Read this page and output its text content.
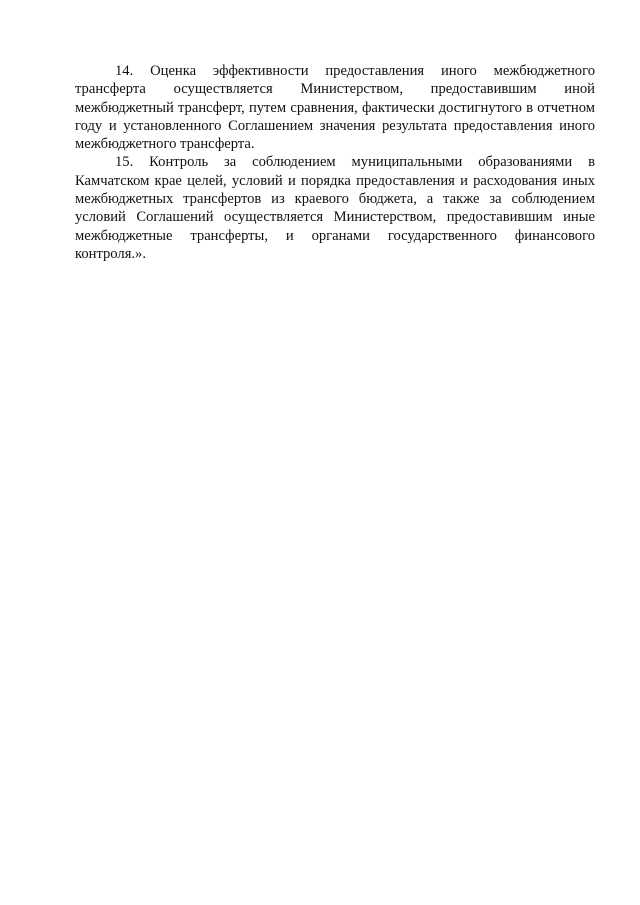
14. Оценка эффективности предоставления иного межбюджетного трансферта осуществляется Министерством, предоставившим иной межбюджетный трансферт, путем сравнения, фактически достигнутого в отчетном году и установленного Соглашением значения результата предоставления иного межбюджетного трансферта.

15. Контроль за соблюдением муниципальными образованиями в Камчатском крае целей, условий и порядка предоставления и расходования иных межбюджетных трансфертов из краевого бюджета, а также за соблюдением условий Соглашений осуществляется Министерством, предоставившим иные межбюджетные трансферты, и органами государственного финансового контроля.».
